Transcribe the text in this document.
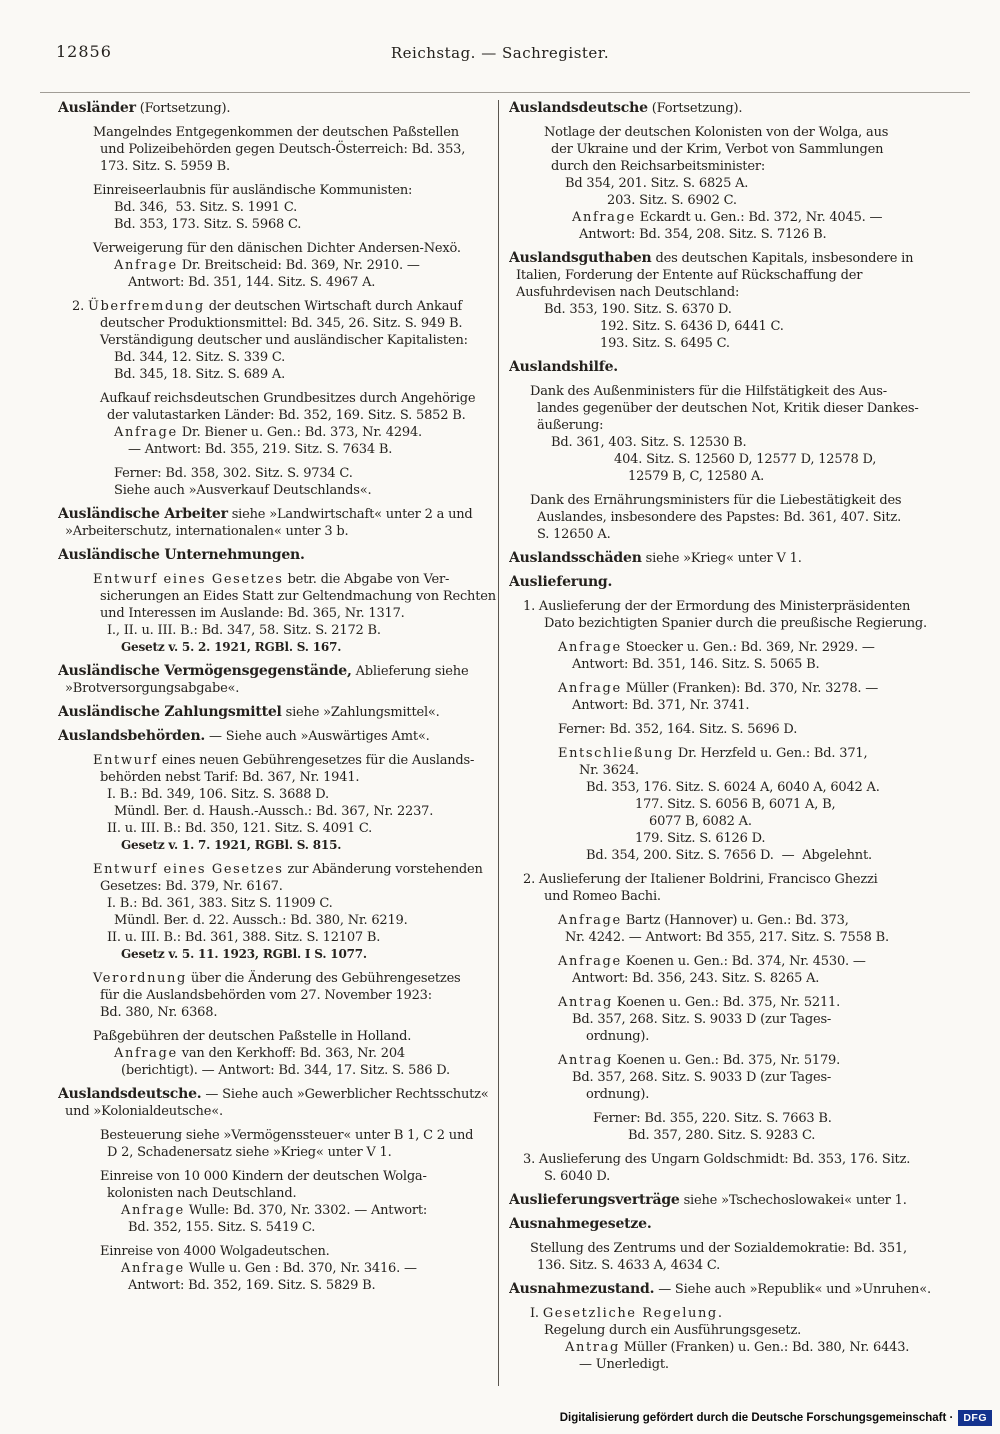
12856	Reichstag. — Sachregister.
Ausländer (Fortsetzung).
Mangelndes Entgegenkommen der deutschen Paßstellen
und Polizeibehörden gegen Deutsch-Österreich: Bd. 353,
173. Sitz. S. 5959 B.
Einreiseerlaubnis für ausländische Kommunisten:
Bd. 346,  53. Sitz. S. 1991 C.
Bd. 353, 173. Sitz. S. 5968 C.
Verweigerung für den dänischen Dichter Andersen-Nexö.
Anfrage Dr. Breitscheid: Bd. 369, Nr. 2910. —
Antwort: Bd. 351, 144. Sitz. S. 4967 A.
2. Überfremdung der deutschen Wirtschaft durch Ankauf
deutscher Produktionsmittel: Bd. 345, 26. Sitz. S. 949 B.
Verständigung deutscher und ausländischer Kapitalisten:
Bd. 344, 12. Sitz. S. 339 C.
Bd. 345, 18. Sitz. S. 689 A.
Aufkauf reichsdeutschen Grundbesitzes durch Angehörige
der valutastarken Länder: Bd. 352, 169. Sitz. S. 5852 B.
Anfrage Dr. Biener u. Gen.: Bd. 373, Nr. 4294.
— Antwort: Bd. 355, 219. Sitz. S. 7634 B.
Ferner: Bd. 358, 302. Sitz. S. 9734 C.
Siehe auch »Ausverkauf Deutschlands«.
Ausländische Arbeiter siehe »Landwirtschaft« unter 2 a und
»Arbeiterschutz, internationalen« unter 3 b.
Ausländische Unternehmungen.
Entwurf eines Gesetzes betr. die Abgabe von Ver-
sicherungen an Eides Statt zur Geltendmachung von Rechten
und Interessen im Auslande: Bd. 365, Nr. 1317.
I., II. u. III. B.: Bd. 347, 58. Sitz. S. 2172 B.
Gesetz v. 5. 2. 1921, RGBl. S. 167.
Ausländische Vermögensgegenstände, Ablieferung siehe
»Brotversorgungsabgabe«.
Ausländische Zahlungsmittel siehe »Zahlungsmittel«.
Auslandsbehörden. — Siehe auch »Auswärtiges Amt«.
Entwurf eines neuen Gebührengesetzes für die Auslands-
behörden nebst Tarif: Bd. 367, Nr. 1941.
I. B.: Bd. 349, 106. Sitz. S. 3688 D.
Mündl. Ber. d. Haush.-Aussch.: Bd. 367, Nr. 2237.
II. u. III. B.: Bd. 350, 121. Sitz. S. 4091 C.
Gesetz v. 1. 7. 1921, RGBl. S. 815.
Entwurf eines Gesetzes zur Abänderung vorstehenden
Gesetzes: Bd. 379, Nr. 6167.
I. B.: Bd. 361, 383. Sitz S. 11909 C.
Mündl. Ber. d. 22. Aussch.: Bd. 380, Nr. 6219.
II. u. III. B.: Bd. 361, 388. Sitz. S. 12107 B.
Gesetz v. 5. 11. 1923, RGBl. I S. 1077.
Verordnung über die Änderung des Gebührengesetzes
für die Auslandsbehörden vom 27. November 1923:
Bd. 380, Nr. 6368.
Paßgebühren der deutschen Paßstelle in Holland.
Anfrage van den Kerkhoff: Bd. 363, Nr. 204
(berichtigt). — Antwort: Bd. 344, 17. Sitz. S. 586 D.
Auslandsdeutsche. — Siehe auch »Gewerblicher Rechtsschutz«
und »Kolonialdeutsche«.
Besteuerung siehe »Vermögenssteuer« unter B 1, C 2 und
D 2, Schadenersatz siehe »Krieg« unter V 1.
Einreise von 10 000 Kindern der deutschen Wolga-
kolonisten nach Deutschland.
Anfrage Wulle: Bd. 370, Nr. 3302. — Antwort:
Bd. 352, 155. Sitz. S. 5419 C.
Einreise von 4000 Wolgadeutschen.
Anfrage Wulle u. Gen : Bd. 370, Nr. 3416. —
Antwort: Bd. 352, 169. Sitz. S. 5829 B.
Auslandsdeutsche (Fortsetzung).
Notlage der deutschen Kolonisten von der Wolga, aus
der Ukraine und der Krim, Verbot von Sammlungen
durch den Reichsarbeitsminister:
Bd 354, 201. Sitz. S. 6825 A.
203. Sitz. S. 6902 C.
Anfrage Eckardt u. Gen.: Bd. 372, Nr. 4045. —
Antwort: Bd. 354, 208. Sitz. S. 7126 B.
Auslandsguthaben des deutschen Kapitals, insbesondere in
Italien, Forderung der Entente auf Rückschaffung der
Ausfuhrdevisen nach Deutschland:
Bd. 353, 190. Sitz. S. 6370 D.
192. Sitz. S. 6436 D, 6441 C.
193. Sitz. S. 6495 C.
Auslandshilfe.
Dank des Außenministers für die Hilfstätigkeit des Aus-
landes gegenüber der deutschen Not, Kritik dieser Dankes-
äußerung:
Bd. 361, 403. Sitz. S. 12530 B.
404. Sitz. S. 12560 D, 12577 D, 12578 D,
12579 B, C, 12580 A.
Dank des Ernährungsministers für die Liebestätigkeit des
Auslandes, insbesondere des Papstes: Bd. 361, 407. Sitz.
S. 12650 A.
Auslandsschäden siehe »Krieg« unter V 1.
Auslieferung.
1. Auslieferung der der Ermordung des Ministerpräsidenten
Dato bezichtigten Spanier durch die preußische Regierung.
Anfrage Stoecker u. Gen.: Bd. 369, Nr. 2929. —
Antwort: Bd. 351, 146. Sitz. S. 5065 B.
Anfrage Müller (Franken): Bd. 370, Nr. 3278. —
Antwort: Bd. 371, Nr. 3741.
Ferner: Bd. 352, 164. Sitz. S. 5696 D.
Entschließung Dr. Herzfeld u. Gen.: Bd. 371,
Nr. 3624.
Bd. 353, 176. Sitz. S. 6024 A, 6040 A, 6042 A.
177. Sitz. S. 6056 B, 6071 A, B,
6077 B, 6082 A.
179. Sitz. S. 6126 D.
Bd. 354, 200. Sitz. S. 7656 D.  —  Abgelehnt.
2. Auslieferung der Italiener Boldrini, Francisco Ghezzi
und Romeo Bachi.
Anfrage Bartz (Hannover) u. Gen.: Bd. 373,
Nr. 4242. — Antwort: Bd 355, 217. Sitz. S. 7558 B.
Anfrage Koenen u. Gen.: Bd. 374, Nr. 4530. —
Antwort: Bd. 356, 243. Sitz. S. 8265 A.
Antrag Koenen u. Gen.: Bd. 375, Nr. 5211.
Bd. 357, 268. Sitz. S. 9033 D (zur Tages-
ordnung).
Antrag Koenen u. Gen.: Bd. 375, Nr. 5179.
Bd. 357, 268. Sitz. S. 9033 D (zur Tages-
ordnung).
Ferner: Bd. 355, 220. Sitz. S. 7663 B.
Bd. 357, 280. Sitz. S. 9283 C.
3. Auslieferung des Ungarn Goldschmidt: Bd. 353, 176. Sitz.
S. 6040 D.
Auslieferungsverträge siehe »Tschechoslowakei« unter 1.
Ausnahmegesetze.
Stellung des Zentrums und der Sozialdemokratie: Bd. 351,
136. Sitz. S. 4633 A, 4634 C.
Ausnahmezustand. — Siehe auch »Republik« und »Unruhen«.
I. Gesetzliche Regelung.
Regelung durch ein Ausführungsgesetz.
Antrag Müller (Franken) u. Gen.: Bd. 380, Nr. 6443.
— Unerledigt.
Digitalisierung gefördert durch die Deutsche Forschungsgemeinschaft · DFG
